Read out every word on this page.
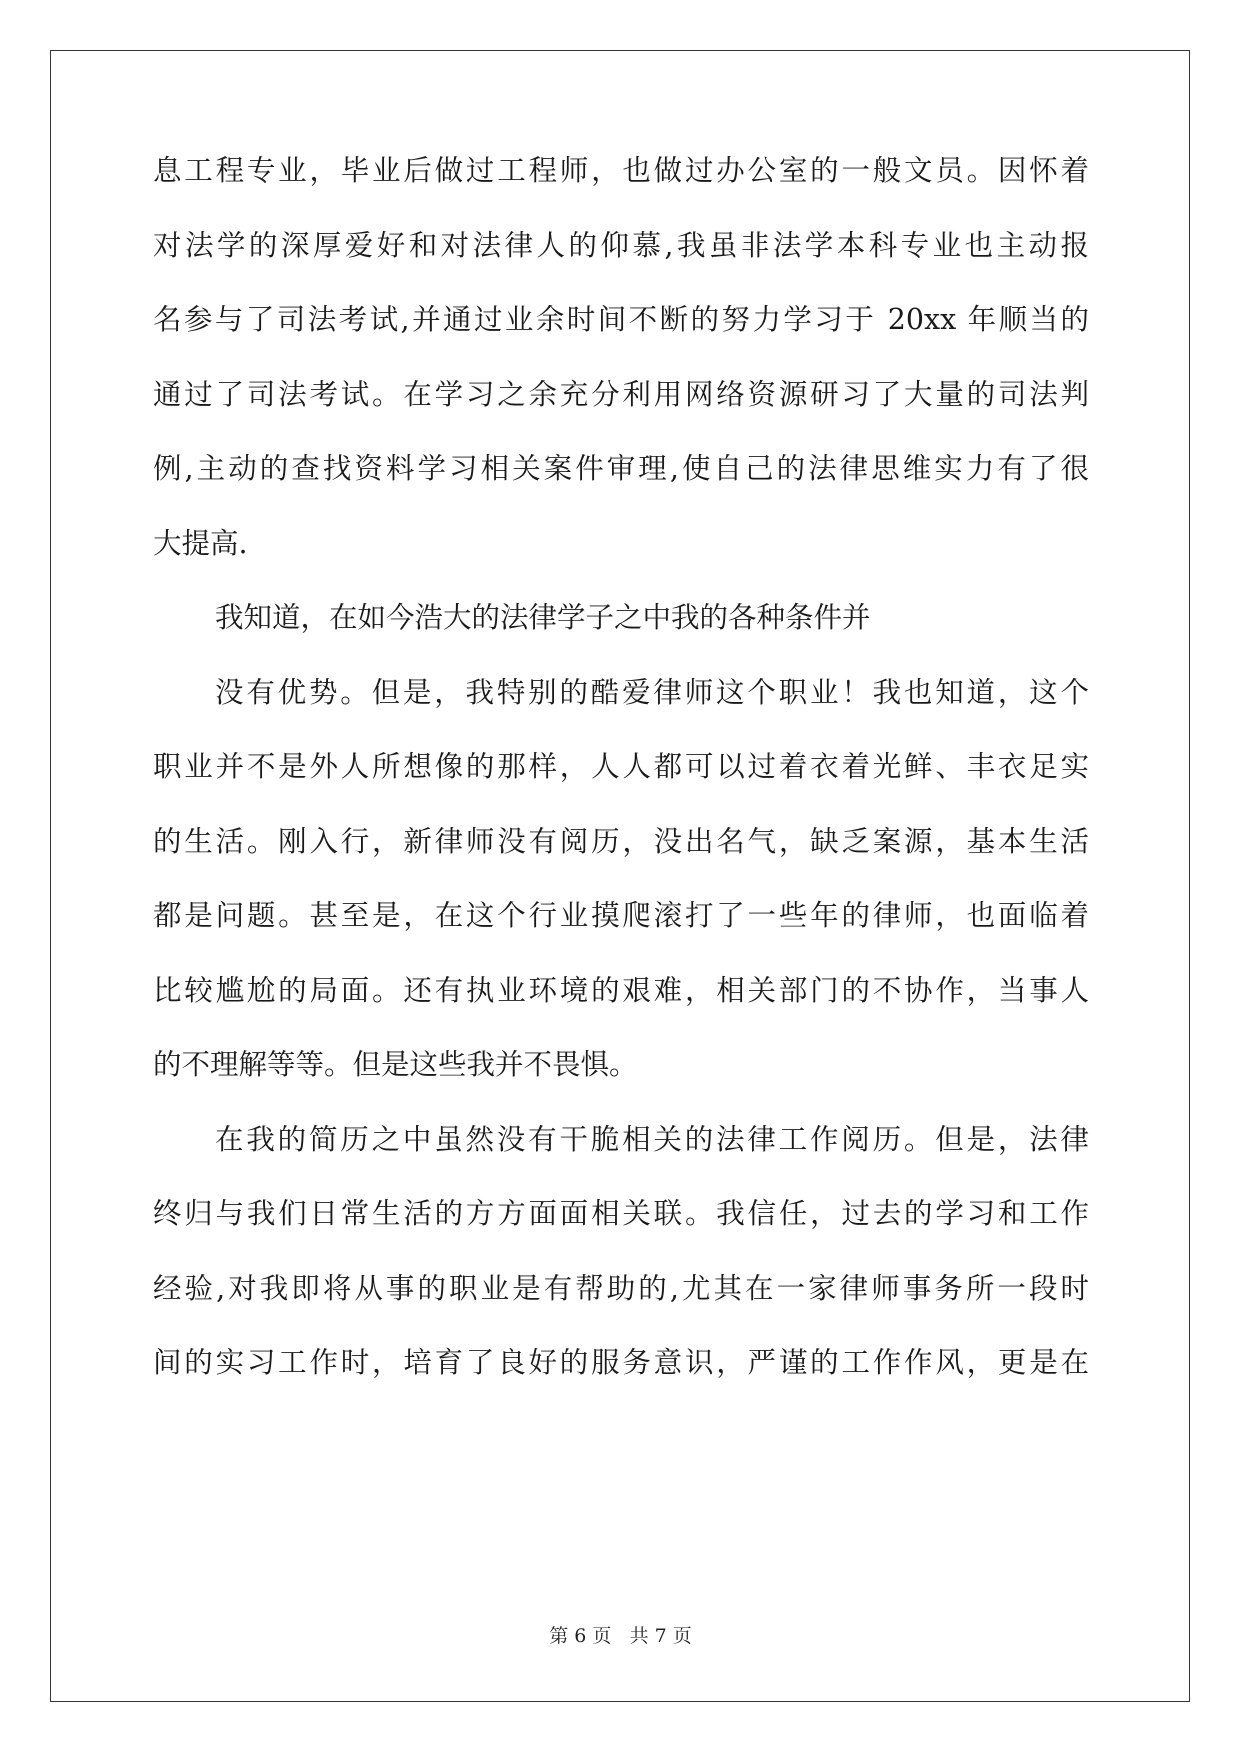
息工程专业，毕业后做过工程师，也做过办公室的一般文员。因怀着
对法学的深厚爱好和对法律人的仰慕,我虽非法学本科专业也主动报
名参与了司法考试,并通过业余时间不断的努力学习于 20xx 年顺当的
通过了司法考试。在学习之余充分利用网络资源研习了大量的司法判
例,主动的查找资料学习相关案件审理,使自己的法律思维实力有了很
大提高.
我知道，在如今浩大的法律学子之中我的各种条件并
没有优势。但是，我特别的酷爱律师这个职业！我也知道，这个
职业并不是外人所想像的那样，人人都可以过着衣着光鲜、丰衣足实
的生活。刚入行，新律师没有阅历，没出名气，缺乏案源，基本生活
都是问题。甚至是，在这个行业摸爬滚打了一些年的律师，也面临着
比较尴尬的局面。还有执业环境的艰难，相关部门的不协作，当事人
的不理解等等。但是这些我并不畏惧。
在我的简历之中虽然没有干脆相关的法律工作阅历。但是，法律
终归与我们日常生活的方方面面相关联。我信任，过去的学习和工作
经验,对我即将从事的职业是有帮助的,尤其在一家律师事务所一段时
间的实习工作时，培育了良好的服务意识，严谨的工作作风，更是在
第 6 页 共 7 页
